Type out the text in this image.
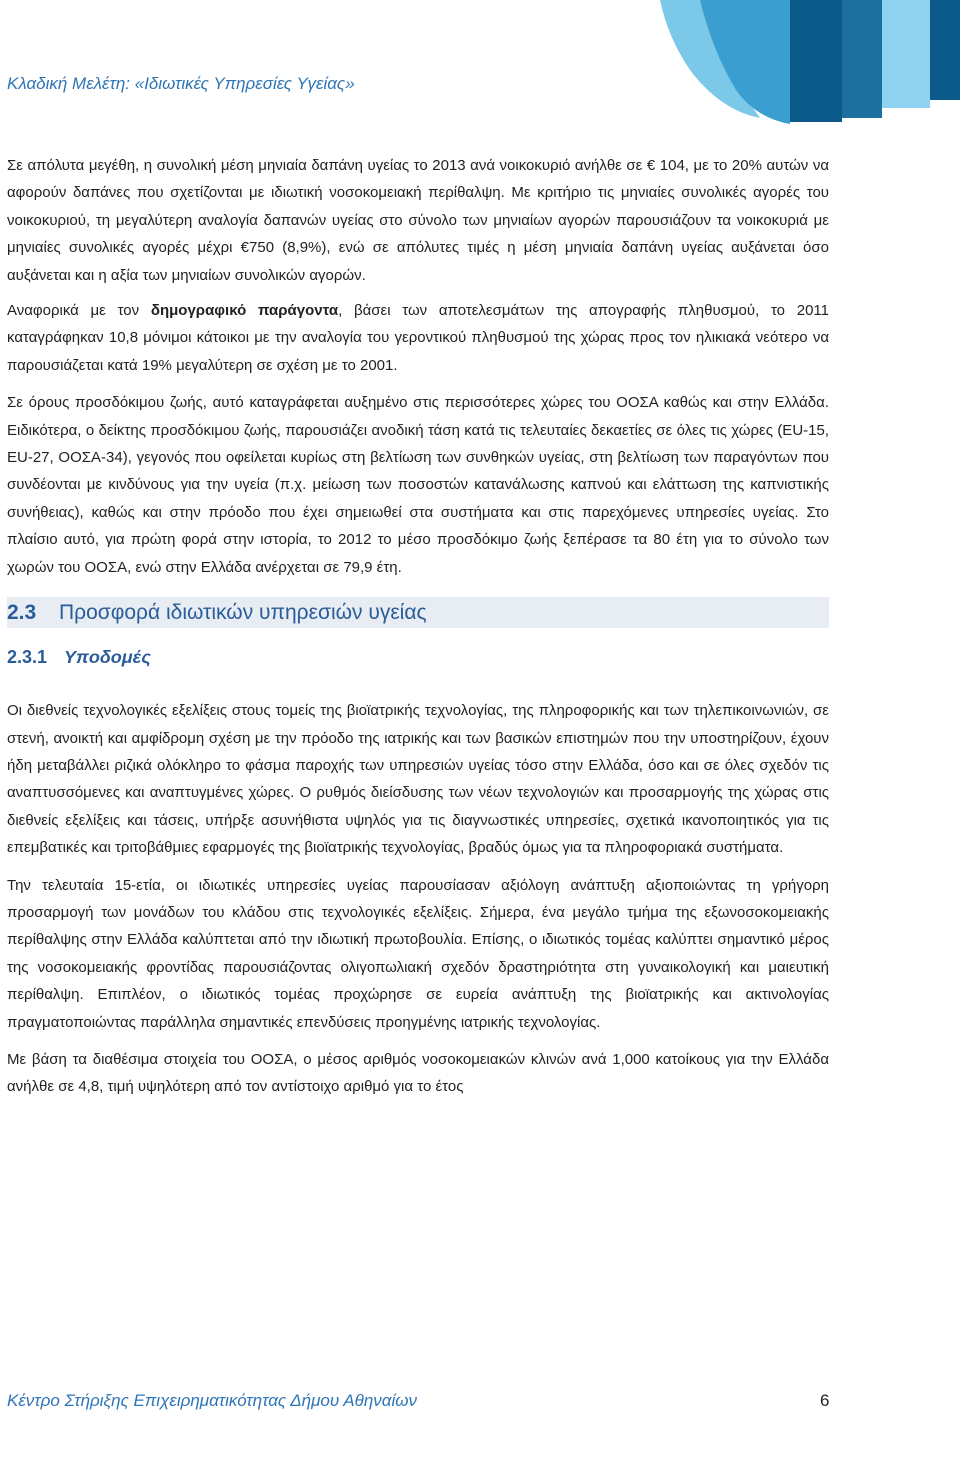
Κλαδική Μελέτη: «Ιδιωτικές Υπηρεσίες Υγείας»

Σε απόλυτα μεγέθη, η συνολική μέση μηνιαία δαπάνη υγείας το 2013 ανά νοικοκυριό ανήλθε σε € 104, με το 20% αυτών να αφορούν δαπάνες που σχετίζονται με ιδιωτική νοσοκομειακή περίθαλψη. Με κριτήριο τις μηνιαίες συνολικές αγορές του νοικοκυριού, τη μεγαλύτερη αναλογία δαπανών υγείας στο σύνολο των μηνιαίων αγορών παρουσιάζουν τα νοικοκυριά με μηνιαίες συνολικές αγορές μέχρι €750 (8,9%), ενώ σε απόλυτες τιμές η μέση μηνιαία δαπάνη υγείας αυξάνεται όσο αυξάνεται και η αξία των μηνιαίων συνολικών αγορών.

Αναφορικά με τον δημογραφικό παράγοντα, βάσει των αποτελεσμάτων της απογραφής πληθυσμού, το 2011 καταγράφηκαν 10,8 μόνιμοι κάτοικοι με την αναλογία του γεροντικού πληθυσμού της χώρας προς τον ηλικιακά νεότερο να παρουσιάζεται κατά 19% μεγαλύτερη σε σχέση με το 2001.

Σε όρους προσδόκιμου ζωής, αυτό καταγράφεται αυξημένο στις περισσότερες χώρες του ΟΟΣΑ καθώς και στην Ελλάδα. Ειδικότερα, ο δείκτης προσδόκιμου ζωής, παρουσιάζει ανοδική τάση κατά τις τελευταίες δεκαετίες σε όλες τις χώρες (EU-15, EU-27, ΟΟΣΑ-34), γεγονός που οφείλεται κυρίως στη βελτίωση των συνθηκών υγείας, στη βελτίωση των παραγόντων που συνδέονται με κινδύνους για την υγεία (π.χ. μείωση των ποσοστών κατανάλωσης καπνού και ελάττωση της καπνιστικής συνήθειας), καθώς και στην πρόοδο που έχει σημειωθεί στα συστήματα και στις παρεχόμενες υπηρεσίες υγείας. Στο πλαίσιο αυτό, για πρώτη φορά στην ιστορία, το 2012 το μέσο προσδόκιμο ζωής ξεπέρασε τα 80 έτη για το σύνολο των χωρών του ΟΟΣΑ, ενώ στην Ελλάδα ανέρχεται σε 79,9 έτη.

2.3 Προσφορά ιδιωτικών υπηρεσιών υγείας
2.3.1 Υποδομές

Οι διεθνείς τεχνολογικές εξελίξεις στους τομείς της βιοϊατρικής τεχνολογίας, της πληροφορικής και των τηλεπικοινωνιών, σε στενή, ανοικτή και αμφίδρομη σχέση με την πρόοδο της ιατρικής και των βασικών επιστημών που την υποστηρίζουν, έχουν ήδη μεταβάλλει ριζικά ολόκληρο το φάσμα παροχής των υπηρεσιών υγείας τόσο στην Ελλάδα, όσο και σε όλες σχεδόν τις αναπτυσσόμενες και αναπτυγμένες χώρες. Ο ρυθμός διείσδυσης των νέων τεχνολογιών και προσαρμογής της χώρας στις διεθνείς εξελίξεις και τάσεις, υπήρξε ασυνήθιστα υψηλός για τις διαγνωστικές υπηρεσίες, σχετικά ικανοποιητικός για τις επεμβατικές και τριτοβάθμιες εφαρμογές της βιοϊατρικής τεχνολογίας, βραδύς όμως για τα πληροφοριακά συστήματα.

Την τελευταία 15-ετία, οι ιδιωτικές υπηρεσίες υγείας παρουσίασαν αξιόλογη ανάπτυξη αξιοποιώντας τη γρήγορη προσαρμογή των μονάδων του κλάδου στις τεχνολογικές εξελίξεις. Σήμερα, ένα μεγάλο τμήμα της εξωνοσοκομειακής περίθαλψης στην Ελλάδα καλύπτεται από την ιδιωτική πρωτοβουλία. Επίσης, ο ιδιωτικός τομέας καλύπτει σημαντικό μέρος της νοσοκομειακής φροντίδας παρουσιάζοντας ολιγοπωλιακή σχεδόν δραστηριότητα στη γυναικολογική και μαιευτική περίθαλψη. Επιπλέον, ο ιδιωτικός τομέας προχώρησε σε ευρεία ανάπτυξη της βιοϊατρικής και ακτινολογίας πραγματοποιώντας παράλληλα σημαντικές επενδύσεις προηγμένης ιατρικής τεχνολογίας.

Με βάση τα διαθέσιμα στοιχεία του ΟΟΣΑ, ο μέσος αριθμός νοσοκομειακών κλινών ανά 1,000 κατοίκους για την Ελλάδα ανήλθε σε 4,8, τιμή υψηλότερη από τον αντίστοιχο αριθμό για το έτος

Κέντρο Στήριξης Επιχειρηματικότητας Δήμου Αθηναίων	6
